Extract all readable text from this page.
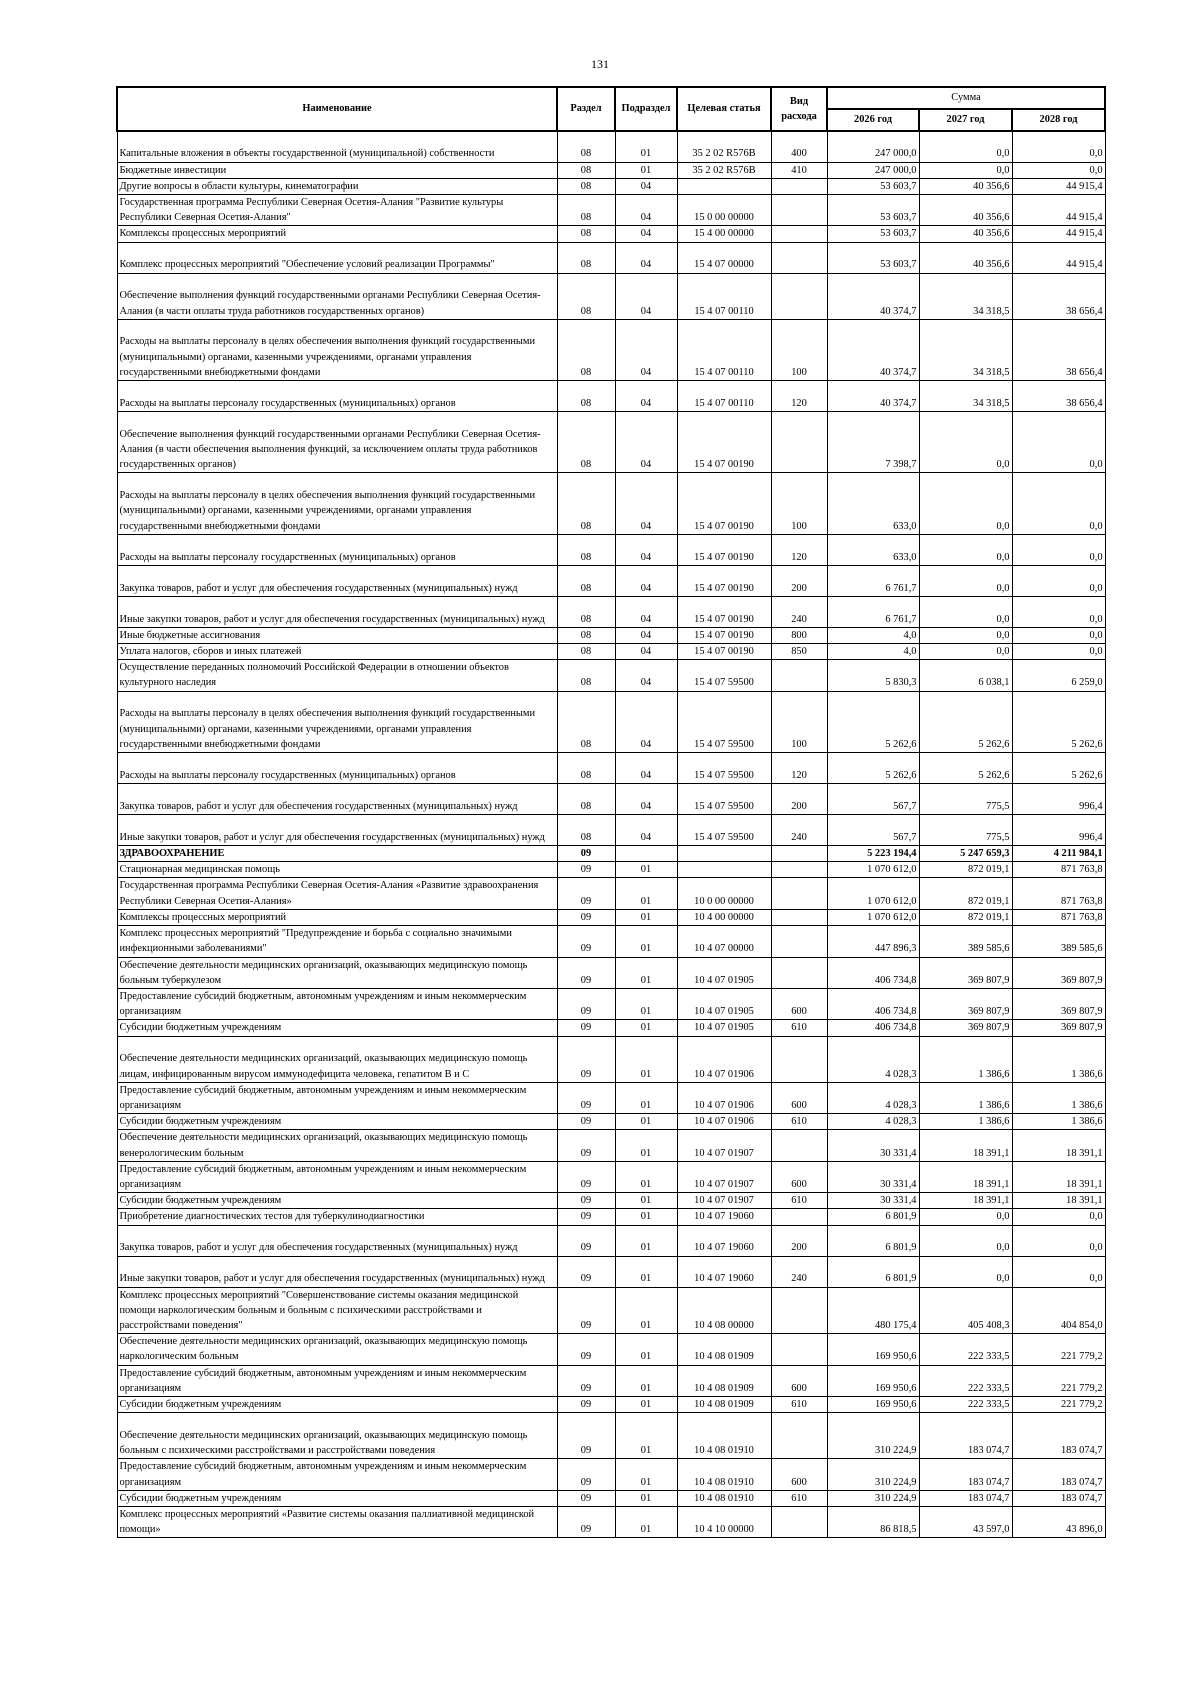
131
Наименование	Раздел	Подраздел	Целевая статья	Вид расхода	Сумма		
					2026 год	2027 год	2028 год
Капитальные вложения в объекты государственной (муниципальной) собственности	08	01	35 2 02 R576B	400	247 000,0	0,0	0,0
Бюджетные инвестиции	08	01	35 2 02 R576B	410	247 000,0	0,0	0,0
Другие вопросы в области культуры, кинематографии	08	04			53 603,7	40 356,6	44 915,4
Государственная программа Республики Северная Осетия-Алания "Развитие культуры Республики Северная Осетия-Алания"	08	04	15 0 00 00000		53 603,7	40 356,6	44 915,4
Комплексы процессных мероприятий	08	04	15 4 00 00000		53 603,7	40 356,6	44 915,4
Комплекс процессных мероприятий "Обеспечение условий реализации Программы"	08	04	15 4 07 00000		53 603,7	40 356,6	44 915,4
Обеспечение выполнения функций государственными органами Республики Северная Осетия-Алания (в части оплаты труда работников государственных органов)	08	04	15 4 07 00110		40 374,7	34 318,5	38 656,4
Расходы на выплаты персоналу в целях обеспечения выполнения функций государственными (муниципальными) органами, казенными учреждениями, органами управления государственными внебюджетными фондами	08	04	15 4 07 00110	100	40 374,7	34 318,5	38 656,4
Расходы на выплаты персоналу государственных (муниципальных) органов	08	04	15 4 07 00110	120	40 374,7	34 318,5	38 656,4
Обеспечение выполнения функций государственными органами Республики Северная Осетия-Алания (в части обеспечения выполнения функций, за исключением оплаты труда работников государственных органов)	08	04	15 4 07 00190		7 398,7	0,0	0,0
Расходы на выплаты персоналу в целях обеспечения выполнения функций государственными (муниципальными) органами, казенными учреждениями, органами управления государственными внебюджетными фондами	08	04	15 4 07 00190	100	633,0	0,0	0,0
Расходы на выплаты персоналу государственных (муниципальных) органов	08	04	15 4 07 00190	120	633,0	0,0	0,0
Закупка товаров, работ и услуг для обеспечения государственных (муниципальных) нужд	08	04	15 4 07 00190	200	6 761,7	0,0	0,0
Иные закупки товаров, работ и услуг для обеспечения государственных (муниципальных) нужд	08	04	15 4 07 00190	240	6 761,7	0,0	0,0
Иные бюджетные ассигнования	08	04	15 4 07 00190	800	4,0	0,0	0,0
Уплата налогов, сборов и иных платежей	08	04	15 4 07 00190	850	4,0	0,0	0,0
Осуществление переданных полномочий Российской Федерации в отношении объектов культурного наследия	08	04	15 4 07 59500		5 830,3	6 038,1	6 259,0
Расходы на выплаты персоналу в целях обеспечения выполнения функций государственными (муниципальными) органами, казенными учреждениями, органами управления государственными внебюджетными фондами	08	04	15 4 07 59500	100	5 262,6	5 262,6	5 262,6
Расходы на выплаты персоналу государственных (муниципальных) органов	08	04	15 4 07 59500	120	5 262,6	5 262,6	5 262,6
Закупка товаров, работ и услуг для обеспечения государственных (муниципальных) нужд	08	04	15 4 07 59500	200	567,7	775,5	996,4
Иные закупки товаров, работ и услуг для обеспечения государственных (муниципальных) нужд	08	04	15 4 07 59500	240	567,7	775,5	996,4
ЗДРАВООХРАНЕНИЕ	09				5 223 194,4	5 247 659,3	4 211 984,1
Стационарная медицинская помощь	09	01			1 070 612,0	872 019,1	871 763,8
Государственная программа Республики Северная Осетия-Алания «Развитие здравоохранения Республики Северная Осетия-Алания»	09	01	10 0 00 00000		1 070 612,0	872 019,1	871 763,8
Комплексы процессных мероприятий	09	01	10 4 00 00000		1 070 612,0	872 019,1	871 763,8
Комплекс процессных мероприятий "Предупреждение и борьба с социально значимыми инфекционными заболеваниями"	09	01	10 4 07 00000		447 896,3	389 585,6	389 585,6
Обеспечение деятельности медицинских организаций, оказывающих медицинскую помощь больным туберкулезом	09	01	10 4 07 01905		406 734,8	369 807,9	369 807,9
Предоставление субсидий бюджетным, автономным учреждениям и иным некоммерческим организациям	09	01	10 4 07 01905	600	406 734,8	369 807,9	369 807,9
Субсидии бюджетным учреждениям	09	01	10 4 07 01905	610	406 734,8	369 807,9	369 807,9
Обеспечение деятельности медицинских организаций, оказывающих медицинскую помощь лицам, инфицированным вирусом иммунодефицита человека, гепатитом В и С	09	01	10 4 07 01906		4 028,3	1 386,6	1 386,6
Предоставление субсидий бюджетным, автономным учреждениям и иным некоммерческим организациям	09	01	10 4 07 01906	600	4 028,3	1 386,6	1 386,6
Субсидии бюджетным учреждениям	09	01	10 4 07 01906	610	4 028,3	1 386,6	1 386,6
Обеспечение деятельности медицинских организаций, оказывающих медицинскую помощь венерологическим больным	09	01	10 4 07 01907		30 331,4	18 391,1	18 391,1
Предоставление субсидий бюджетным, автономным учреждениям и иным некоммерческим организациям	09	01	10 4 07 01907	600	30 331,4	18 391,1	18 391,1
Субсидии бюджетным учреждениям	09	01	10 4 07 01907	610	30 331,4	18 391,1	18 391,1
Приобретение диагностических тестов для туберкулинодиагностики	09	01	10 4 07 19060		6 801,9	0,0	0,0
Закупка товаров, работ и услуг для обеспечения государственных (муниципальных) нужд	09	01	10 4 07 19060	200	6 801,9	0,0	0,0
Иные закупки товаров, работ и услуг для обеспечения государственных (муниципальных) нужд	09	01	10 4 07 19060	240	6 801,9	0,0	0,0
Комплекс процессных мероприятий "Совершенствование системы оказания медицинской помощи наркологическим больным и больным с психическими расстройствами и расстройствами поведения"	09	01	10 4 08 00000		480 175,4	405 408,3	404 854,0
Обеспечение деятельности медицинских организаций, оказывающих медицинскую помощь наркологическим больным	09	01	10 4 08 01909		169 950,6	222 333,5	221 779,2
Предоставление субсидий бюджетным, автономным учреждениям и иным некоммерческим организациям	09	01	10 4 08 01909	600	169 950,6	222 333,5	221 779,2
Субсидии бюджетным учреждениям	09	01	10 4 08 01909	610	169 950,6	222 333,5	221 779,2
Обеспечение деятельности медицинских организаций, оказывающих медицинскую помощь больным с психическими расстройствами и расстройствами поведения	09	01	10 4 08 01910		310 224,9	183 074,7	183 074,7
Предоставление субсидий бюджетным, автономным учреждениям и иным некоммерческим организациям	09	01	10 4 08 01910	600	310 224,9	183 074,7	183 074,7
Субсидии бюджетным учреждениям	09	01	10 4 08 01910	610	310 224,9	183 074,7	183 074,7
Комплекс процессных мероприятий «Развитие системы оказания паллиативной медицинской помощи»	09	01	10 4 10 00000		86 818,5	43 597,0	43 896,0
